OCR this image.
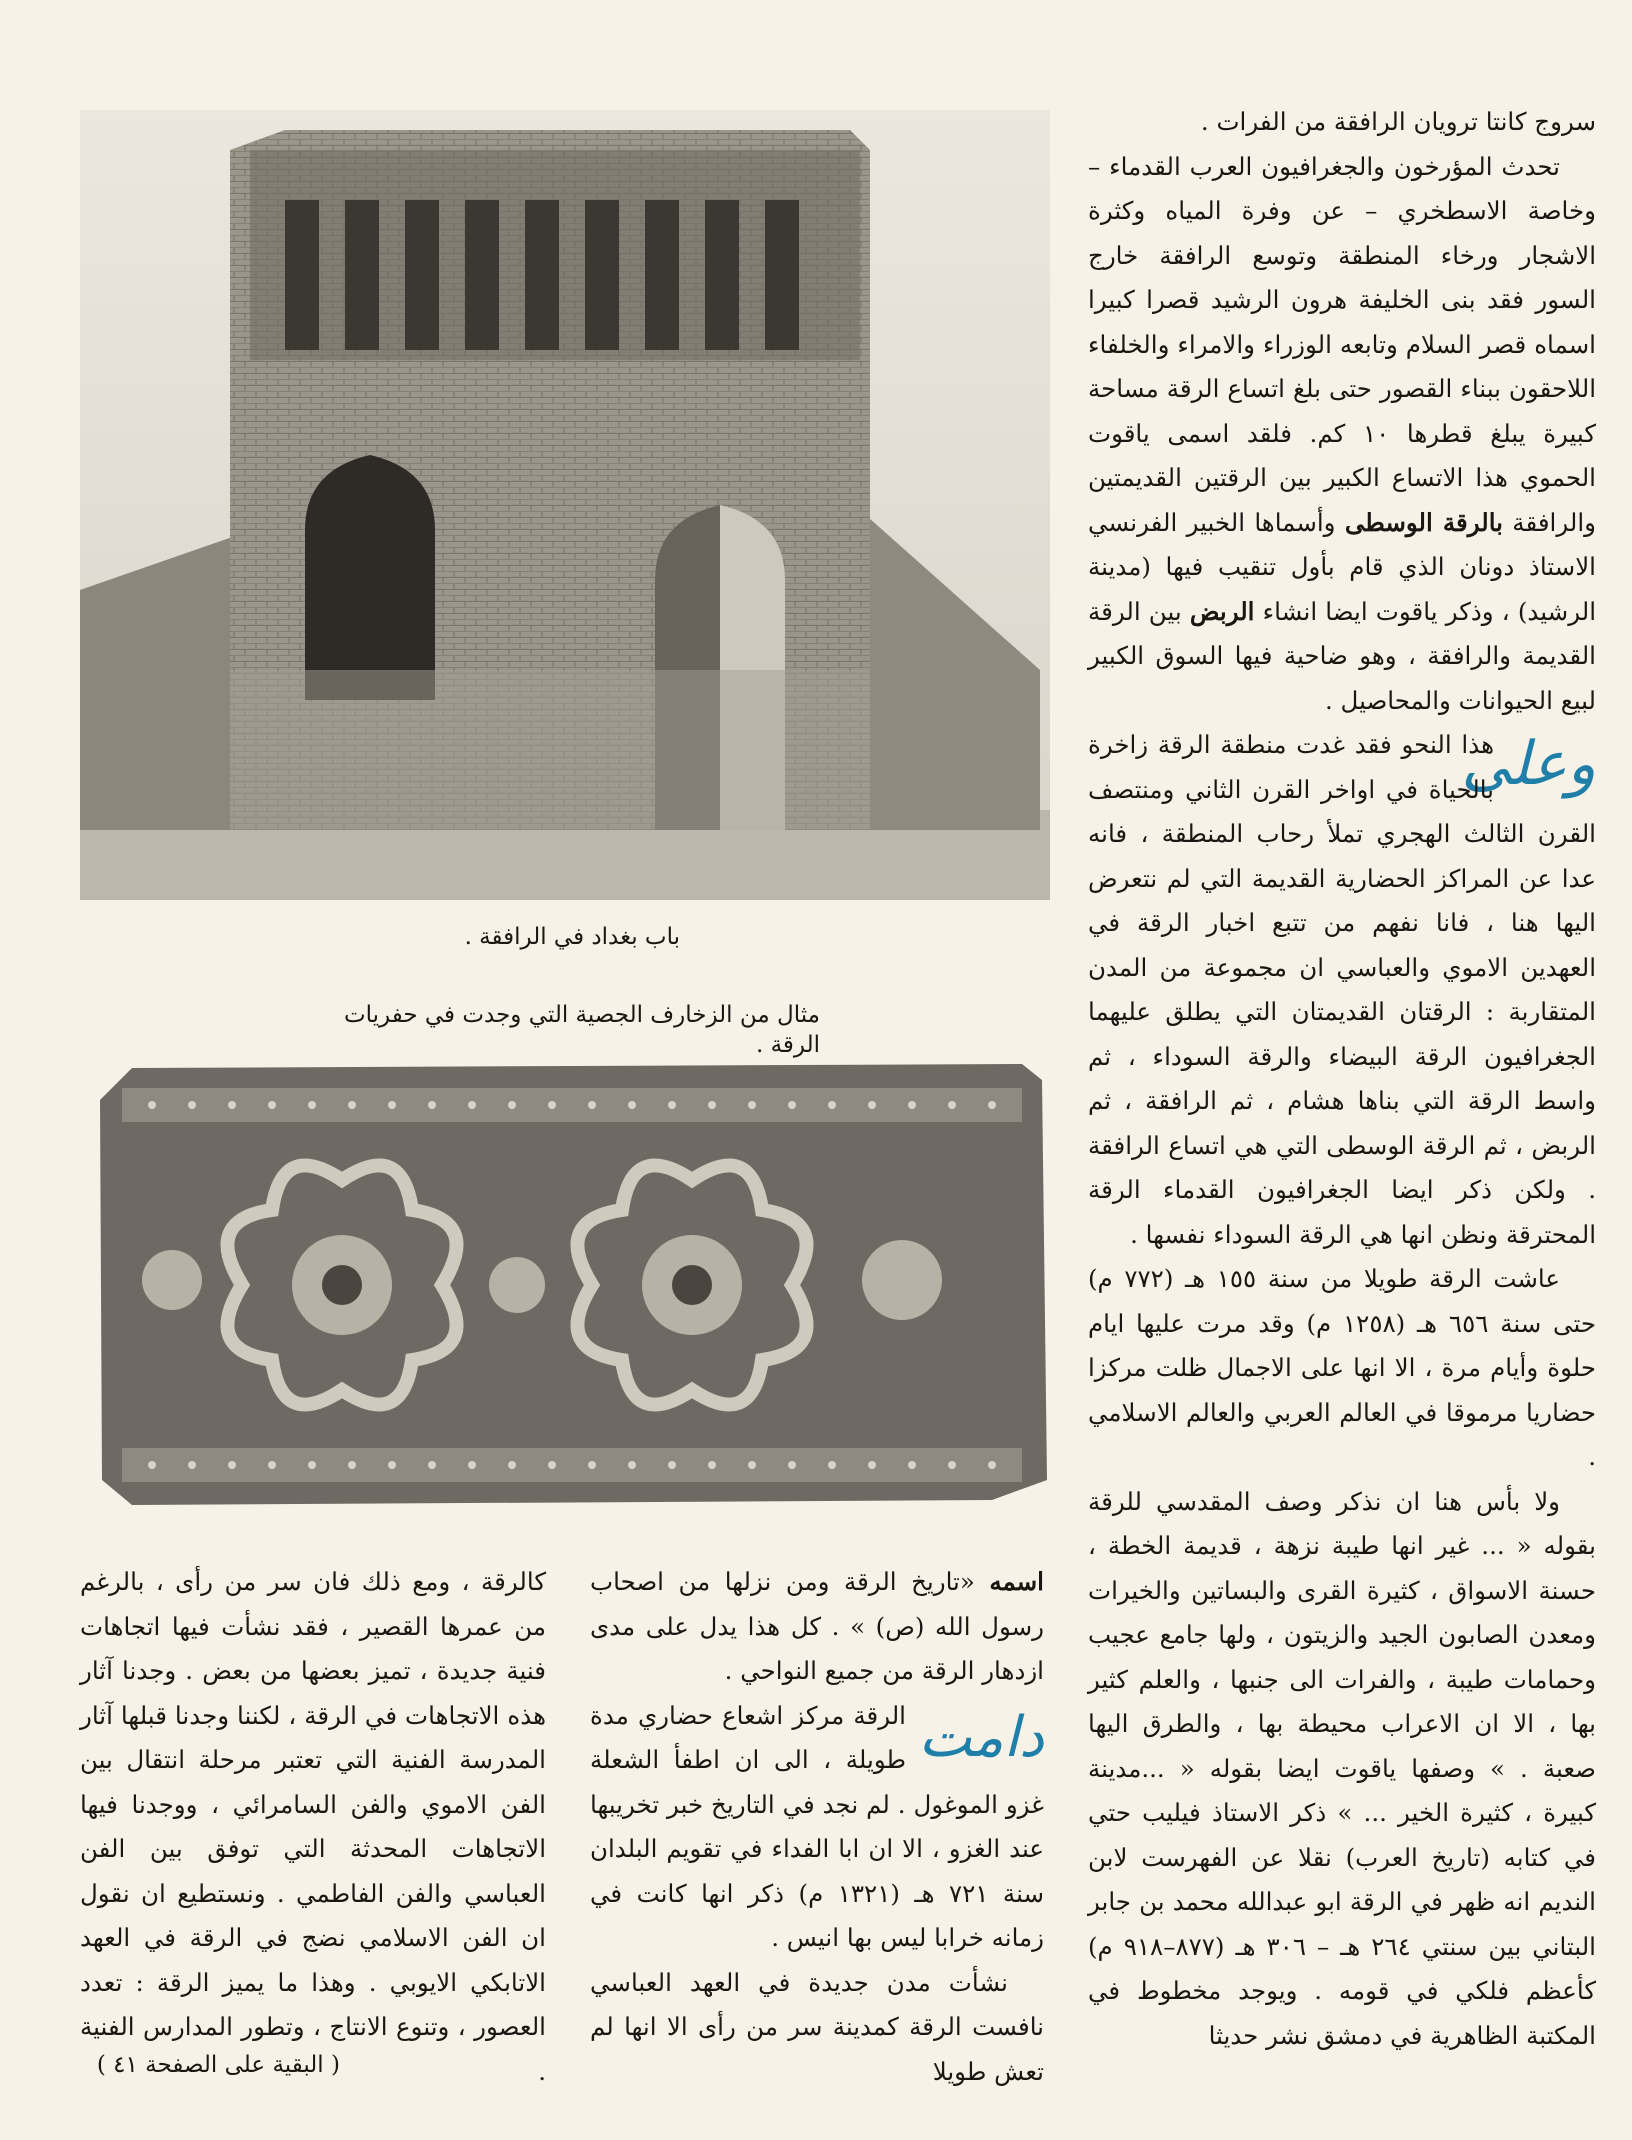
سروج كانتا ترويان الرافقة من الفرات .

تحدث المؤرخون والجغرافيون العرب القدماء – وخاصة الاسطخري – عن وفرة المياه وكثرة الاشجار ورخاء المنطقة وتوسع الرافقة خارج السور فقد بنى الخليفة هرون الرشيد قصرا كبيرا اسماه قصر السلام وتابعه الوزراء والامراء والخلفاء اللاحقون ببناء القصور حتى بلغ اتساع الرقة مساحة كبيرة يبلغ قطرها ١٠ كم. فلقد اسمى ياقوت الحموي هذا الاتساع الكبير بين الرقتين القديمتين والرافقة بالرقة الوسطى وأسماها الخبير الفرنسي الاستاذ دونان الذي قام بأول تنقيب فيها (مدينة الرشيد) ، وذكر ياقوت ايضا انشاء الربض بين الرقة القديمة والرافقة ، وهو ضاحية فيها السوق الكبير لبيع الحيوانات والمحاصيل .

وعلى
هذا النحو فقد غدت منطقة الرقة زاخرة بالحياة في اواخر القرن الثاني ومنتصف القرن الثالث الهجري تملأ رحاب المنطقة ، فانه عدا عن المراكز الحضارية القديمة التي لم نتعرض اليها هنا ، فانا نفهم من تتبع اخبار الرقة في العهدين الاموي والعباسي ان مجموعة من المدن المتقاربة : الرقتان القديمتان التي يطلق عليهما الجغرافيون الرقة البيضاء والرقة السوداء ، ثم واسط الرقة التي بناها هشام ، ثم الرافقة ، ثم الربض ، ثم الرقة الوسطى التي هي اتساع الرافقة . ولكن ذكر ايضا الجغرافيون القدماء الرقة المحترقة ونظن انها هي الرقة السوداء نفسها .

عاشت الرقة طويلا من سنة ١٥٥ هـ (٧٧٢ م) حتى سنة ٦٥٦ هـ (١٢٥٨ م) وقد مرت عليها ايام حلوة وأيام مرة ، الا انها على الاجمال ظلت مركزا حضاريا مرموقا في العالم العربي والعالم الاسلامي .

ولا بأس هنا ان نذكر وصف المقدسي للرقة بقوله « ... غير انها طيبة نزهة ، قديمة الخطة ، حسنة الاسواق ، كثيرة القرى والبساتين والخيرات ومعدن الصابون الجيد والزيتون ، ولها جامع عجيب وحمامات طيبة ، والفرات الى جنبها ، والعلم كثير بها ، الا ان الاعراب محيطة بها ، والطرق اليها صعبة . » وصفها ياقوت ايضا بقوله « ...مدينة كبيرة ، كثيرة الخير ... » ذكر الاستاذ فيليب حتي في كتابه (تاريخ العرب) نقلا عن الفهرست لابن النديم انه ظهر في الرقة ابو عبدالله محمد بن جابر البتاني بين سنتي ٢٦٤ هـ – ٣٠٦ هـ (٨٧٧–٩١٨ م) كأعظم فلكي في قومه . ويوجد مخطوط في المكتبة الظاهرية في دمشق نشر حديثا

باب بغداد في الرافقة .
مثال من الزخارف الجصية التي وجدت في حفريات الرقة .

اسمه «تاريخ الرقة ومن نزلها من اصحاب رسول الله (ص) » . كل هذا يدل على مدى ازدهار الرقة من جميع النواحي .

دامت
الرقة مركز اشعاع حضاري مدة طويلة ، الى ان اطفأ الشعلة غزو الموغول . لم نجد في التاريخ خبر تخريبها عند الغزو ، الا ان ابا الفداء في تقويم البلدان سنة ٧٢١ هـ (١٣٢١ م) ذكر انها كانت في زمانه خرابا ليس بها انيس .

نشأت مدن جديدة في العهد العباسي نافست الرقة كمدينة سر من رأى الا انها لم تعش طويلا

كالرقة ، ومع ذلك فان سر من رأى ، بالرغم من عمرها القصير ، فقد نشأت فيها اتجاهات فنية جديدة ، تميز بعضها من بعض . وجدنا آثار هذه الاتجاهات في الرقة ، لكننا وجدنا قبلها آثار المدرسة الفنية التي تعتبر مرحلة انتقال بين الفن الاموي والفن السامرائي ، ووجدنا فيها الاتجاهات المحدثة التي توفق بين الفن العباسي والفن الفاطمي . ونستطيع ان نقول ان الفن الاسلامي نضج في الرقة في العهد الاتابكي الايوبي . وهذا ما يميز الرقة : تعدد العصور ، وتنوع الانتاج ، وتطور المدارس الفنية .

( البقية على الصفحة ٤١ )
